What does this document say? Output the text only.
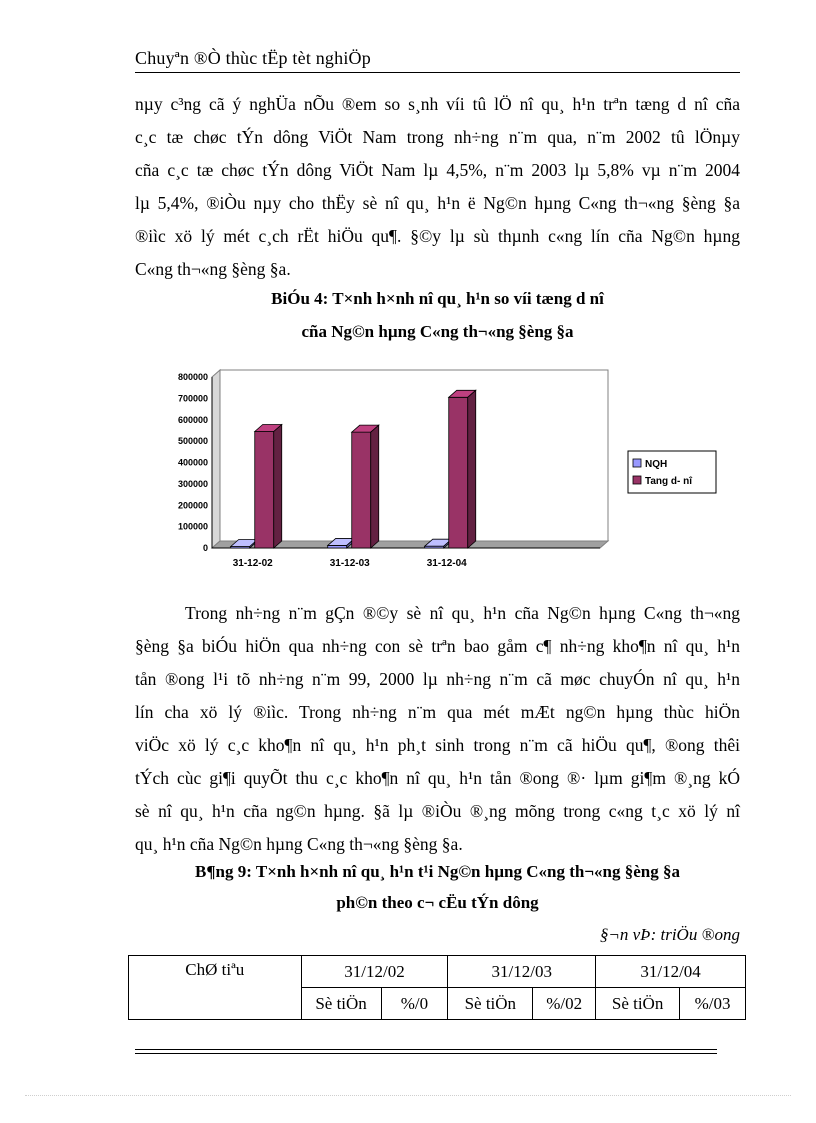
Chuyªn ®Ò thùc tËp tèt nghiÖp
nµy c³ng cã ý nghÜa nÕu ®em so s¸nh víi tû lÖ nî qu¸ h¹n trªn tæng d nî cña
c¸c tæ chøc tÝn dông ViÖt Nam trong nh÷ng n¨m qua, n¨m 2002 tû lÖnµy
cña c¸c tæ chøc tÝn dông ViÖt Nam lµ 4,5%, n¨m 2003 lµ 5,8% vµ n¨m 2004
lµ 5,4%, ®iÒu nµy cho thËy sè nî qu¸ h¹n ë Ng©n hµng C«ng th¬«ng §èng §a
®iìc xö lý mét c¸ch rËt hiÖu qu¶. §©y lµ sù thµnh c«ng lín cña Ng©n hµng
C«ng th¬«ng §èng §a.
BiÓu 4: T×nh h×nh nî qu¸ h¹n so víi tæng d nî
cña Ng©n hµng C«ng th¬«ng §èng §a
800000
700000
600000
500000
400000
300000
200000
100000
0
31-12-02	31-12-03	31-12-04
NQH
Tang d- nî
Trong nh÷ng n¨m gÇn ®©y sè nî qu¸ h¹n cña Ng©n hµng C«ng th¬«ng
§èng §a biÓu hiÖn qua nh÷ng con sè trªn bao gåm c¶ nh÷ng kho¶n nî qu¸ h¹n
tån ®ong l¹i tõ nh÷ng n¨m 99, 2000 lµ nh÷ng n¨m cã møc chuyÓn nî qu¸ h¹n
lín cha xö lý ®iìc. Trong nh÷ng n¨m qua mét mÆt ng©n hµng thùc hiÖn
viÖc xö lý c¸c kho¶n nî qu¸ h¹n ph¸t sinh trong n¨m cã hiÖu qu¶, ®ong thêi
tÝch cùc gi¶i quyÕt thu c¸c kho¶n nî qu¸ h¹n tån ®ong ®· lµm gi¶m ®¸ng kÓ
sè nî qu¸ h¹n cña ng©n hµng. §ã lµ ®iÒu ®¸ng mõng trong c«ng t¸c xö lý nî
qu¸ h¹n cña Ng©n hµng C«ng th¬«ng §èng §a.
B¶ng 9: T×nh h×nh nî qu¸ h¹n t¹i Ng©n hµng C«ng th¬«ng §èng §a
ph©n theo c¬ cËu tÝn dông
§¬n vÞ: triÖu ®ong
ChØ tiªu	31/12/02		31/12/03		31/12/04	
	Sè tiÖn	%/0	Sè tiÖn	%/02	Sè tiÖn	%/03
